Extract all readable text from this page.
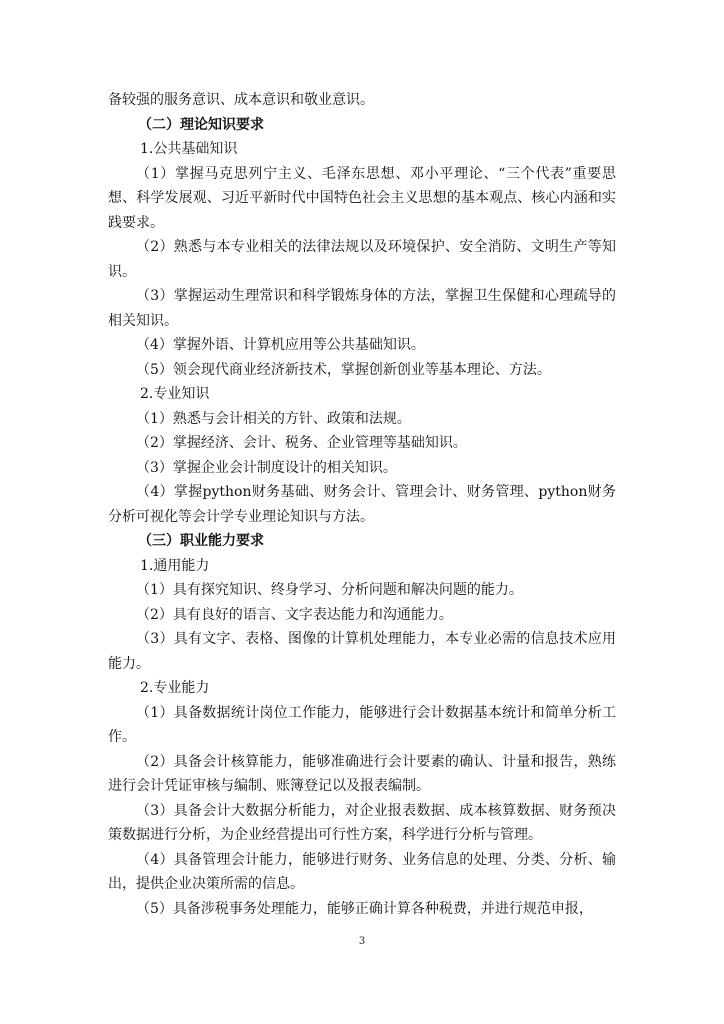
备较强的服务意识、成本意识和敬业意识。

（二）理论知识要求

1.公共基础知识

（1）掌握马克思列宁主义、毛泽东思想、邓小平理论、“三个代表”重要思想、科学发展观、习近平新时代中国特色社会主义思想的基本观点、核心内涵和实践要求。

（2）熟悉与本专业相关的法律法规以及环境保护、安全消防、文明生产等知识。

（3）掌握运动生理常识和科学锻炼身体的方法，掌握卫生保健和心理疏导的相关知识。

（4）掌握外语、计算机应用等公共基础知识。

（5）领会现代商业经济新技术，掌握创新创业等基本理论、方法。

2.专业知识

（1）熟悉与会计相关的方针、政策和法规。

（2）掌握经济、会计、税务、企业管理等基础知识。

（3）掌握企业会计制度设计的相关知识。

（4）掌握python财务基础、财务会计、管理会计、财务管理、python财务分析可视化等会计学专业理论知识与方法。

（三）职业能力要求

1.通用能力

（1）具有探究知识、终身学习、分析问题和解决问题的能力。

（2）具有良好的语言、文字表达能力和沟通能力。

（3）具有文字、表格、图像的计算机处理能力，本专业必需的信息技术应用能力。

2.专业能力

（1）具备数据统计岗位工作能力，能够进行会计数据基本统计和简单分析工作。

（2）具备会计核算能力，能够准确进行会计要素的确认、计量和报告，熟练进行会计凭证审核与编制、账簿登记以及报表编制。

（3）具备会计大数据分析能力，对企业报表数据、成本核算数据、财务预决策数据进行分析，为企业经营提出可行性方案，科学进行分析与管理。

（4）具备管理会计能力，能够进行财务、业务信息的处理、分类、分析、输出，提供企业决策所需的信息。

（5）具备涉税事务处理能力，能够正确计算各种税费，并进行规范申报，

3
